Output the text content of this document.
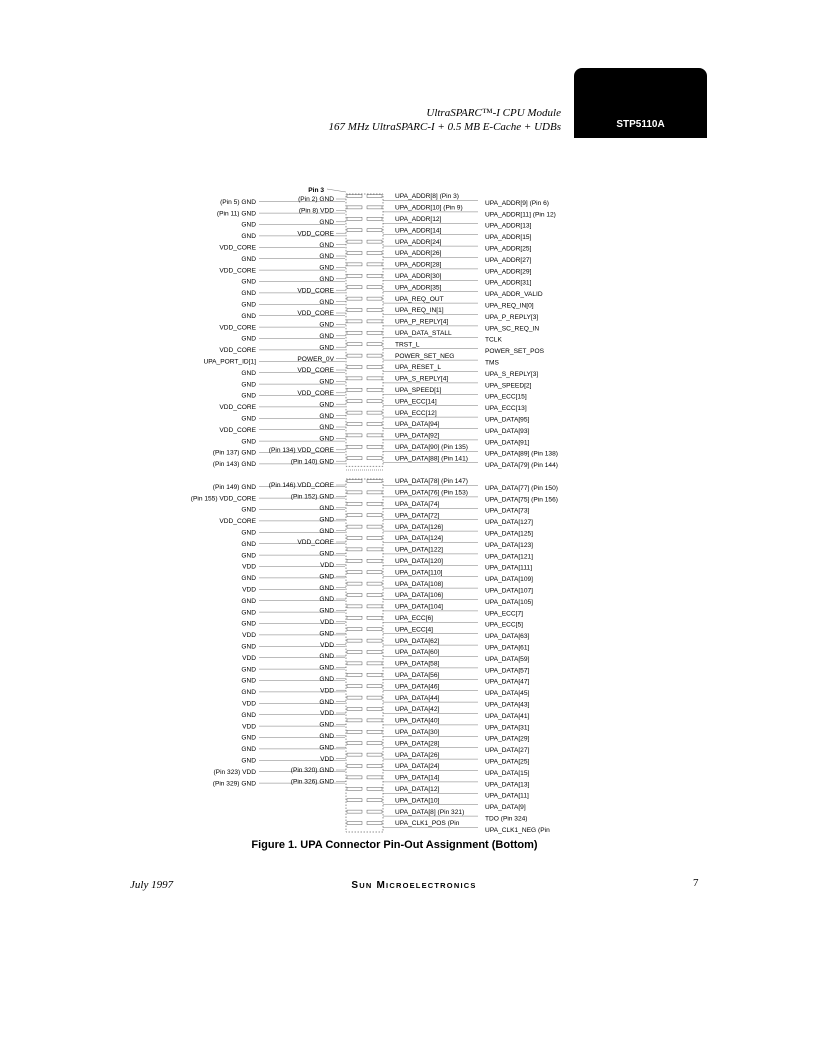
STP5110A
UltraSPARC™-I CPU Module
167 MHz UltraSPARC-I + 0.5 MB E-Cache + UDBs
Pin 3
(Pin 5) GND
(Pin 11) GND
GND
GND
VDD_CORE
GND
VDD_CORE
GND
GND
GND
GND
VDD_CORE
GND
VDD_CORE
UPA_PORT_ID[1]
GND
GND
GND
VDD_CORE
GND
VDD_CORE
GND
(Pin 137) GND
(Pin 143) GND
(Pin 2) GND
(Pin 8) VDD
GND
VDD_CORE
GND
GND
GND
GND
VDD_CORE
GND
VDD_CORE
GND
GND
GND
POWER_0V
VDD_CORE
GND
VDD_CORE
GND
GND
GND
GND
(Pin 134) VDD_CORE
(Pin 140) GND
UPA_ADDR[8] (Pin 3)
UPA_ADDR[10] (Pin 9)
UPA_ADDR[12]
UPA_ADDR[14]
UPA_ADDR[24]
UPA_ADDR[26]
UPA_ADDR[28]
UPA_ADDR[30]
UPA_ADDR[35]
UPA_REQ_OUT
UPA_REQ_IN[1]
UPA_P_REPLY[4]
UPA_DATA_STALL
TRST_L
POWER_SET_NEG
UPA_RESET_L
UPA_S_REPLY[4]
UPA_SPEED[1]
UPA_ECC[14]
UPA_ECC[12]
UPA_DATA[94]
UPA_DATA[92]
UPA_DATA[90] (Pin 135)
UPA_DATA[88] (Pin 141)
UPA_ADDR[9] (Pin 6)
UPA_ADDR[11] (Pin 12)
UPA_ADDR[13]
UPA_ADDR[15]
UPA_ADDR[25]
UPA_ADDR[27]
UPA_ADDR[29]
UPA_ADDR[31]
UPA_ADDR_VALID
UPA_REQ_IN[0]
UPA_P_REPLY[3]
UPA_SC_REQ_IN
TCLK
POWER_SET_POS
TMS
UPA_S_REPLY[3]
UPA_SPEED[2]
UPA_ECC[15]
UPA_ECC[13]
UPA_DATA[95]
UPA_DATA[93]
UPA_DATA[91]
UPA_DATA[89] (Pin 138)
UPA_DATA[79] (Pin 144)
(Pin 149) GND
(Pin 155) VDD_CORE
GND
VDD_CORE
GND
GND
GND
VDD
GND
VDD
GND
GND
GND
VDD
GND
VDD
GND
GND
GND
VDD
GND
VDD
GND
GND
GND
(Pin 323) VDD
(Pin 329) GND
(Pin 146) VDD_CORE
(Pin 152) GND
GND
GND
GND
VDD_CORE
GND
VDD
GND
GND
GND
GND
VDD
GND
VDD
GND
GND
GND
VDD
GND
VDD
GND
GND
GND
VDD
(Pin 320) GND
(Pin 326) GND
UPA_DATA[78] (Pin 147)
UPA_DATA[76] (Pin 153)
UPA_DATA[74]
UPA_DATA[72]
UPA_DATA[126]
UPA_DATA[124]
UPA_DATA[122]
UPA_DATA[120]
UPA_DATA[110]
UPA_DATA[108]
UPA_DATA[106]
UPA_DATA[104]
UPA_ECC[6]
UPA_ECC[4]
UPA_DATA[62]
UPA_DATA[60]
UPA_DATA[58]
UPA_DATA[56]
UPA_DATA[46]
UPA_DATA[44]
UPA_DATA[42]
UPA_DATA[40]
UPA_DATA[30]
UPA_DATA[28]
UPA_DATA[26]
UPA_DATA[24]
UPA_DATA[14]
UPA_DATA[12]
UPA_DATA[10]
UPA_DATA[8] (Pin 321)
UPA_CLK1_POS (Pin
UPA_DATA[77] (Pin 150)
UPA_DATA[75] (Pin 156)
UPA_DATA[73]
UPA_DATA[127]
UPA_DATA[125]
UPA_DATA[123]
UPA_DATA[121]
UPA_DATA[111]
UPA_DATA[109]
UPA_DATA[107]
UPA_DATA[105]
UPA_ECC[7]
UPA_ECC[5]
UPA_DATA[63]
UPA_DATA[61]
UPA_DATA[59]
UPA_DATA[57]
UPA_DATA[47]
UPA_DATA[45]
UPA_DATA[43]
UPA_DATA[41]
UPA_DATA[31]
UPA_DATA[29]
UPA_DATA[27]
UPA_DATA[25]
UPA_DATA[15]
UPA_DATA[13]
UPA_DATA[11]
UPA_DATA[9]
TDO (Pin 324)
UPA_CLK1_NEG (Pin
Figure 1. UPA Connector Pin-Out Assignment (Bottom)
July 1997	SUN MICROELECTRONICS	7
